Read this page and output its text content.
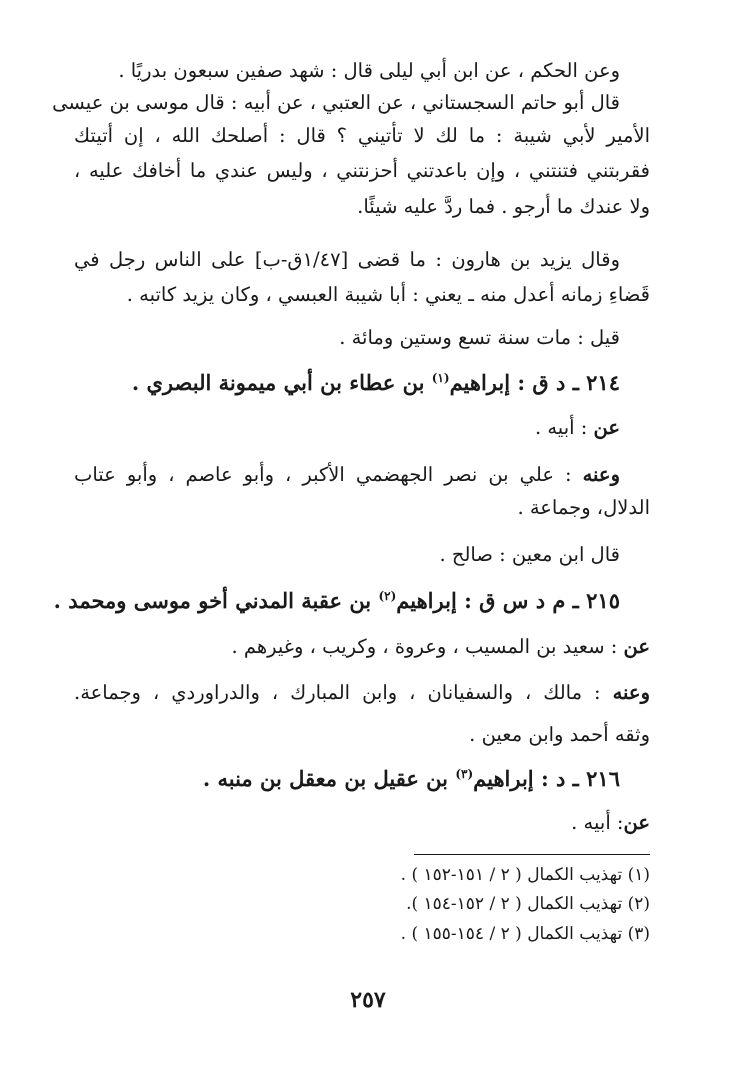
وعن الحكم ، عن ابن أبي ليلى قال : شهد صفين سبعون بدريًا .
قال أبو حاتم السجستاني ، عن العتبي ، عن أبيه : قال موسى بن عيسى
الأمير لأبي شيبة : ما لك لا تأتيني ؟ قال : أصلحك الله ، إن أتيتك
فقربتني فتنتني ، وإن باعدتني أحزنتني ، وليس عندي ما أخافك عليه ،
ولا عندك ما أرجو . فما ردَّ عليه شيئًا.
وقال يزيد بن هارون : ما قضى [١/٤٧ق-ب] على الناس رجل في
قَضاءِ زمانه أعدل منه ـ يعني : أبا شيبة العبسي ، وكان يزيد كاتبه .
قيل : مات سنة تسع وستين ومائة .
٢١٤ ـ د ق : إبراهيم$^{(١)}$ بن عطاء بن أبي ميمونة البصري .
عن : أبيه .
وعنه : علي بن نصر الجهضمي الأكبر ، وأبو عاصم ، وأبو عتاب
الدلال، وجماعة .
قال ابن معين : صالح .
٢١٥ ـ م د س ق : إبراهيم$^{(٢)}$ بن عقبة المدني أخو موسى ومحمد .
عن : سعيد بن المسيب ، وعروة ، وكريب ، وغيرهم .
وعنه : مالك ، والسفيانان ، وابن المبارك ، والدراوردي ، وجماعة.
وثقه أحمد وابن معين .
٢١٦ ـ د : إبراهيم$^{(٣)}$ بن عقيل بن معقل بن منبه .
عن: أبيه .
(١) تهذيب الكمال ( ٢ / ١٥١-١٥٢ ) .
(٢) تهذيب الكمال ( ٢ / ١٥٢-١٥٤ ).
(٣) تهذيب الكمال ( ٢ / ١٥٤-١٥٥ ) .
٢٥٧
